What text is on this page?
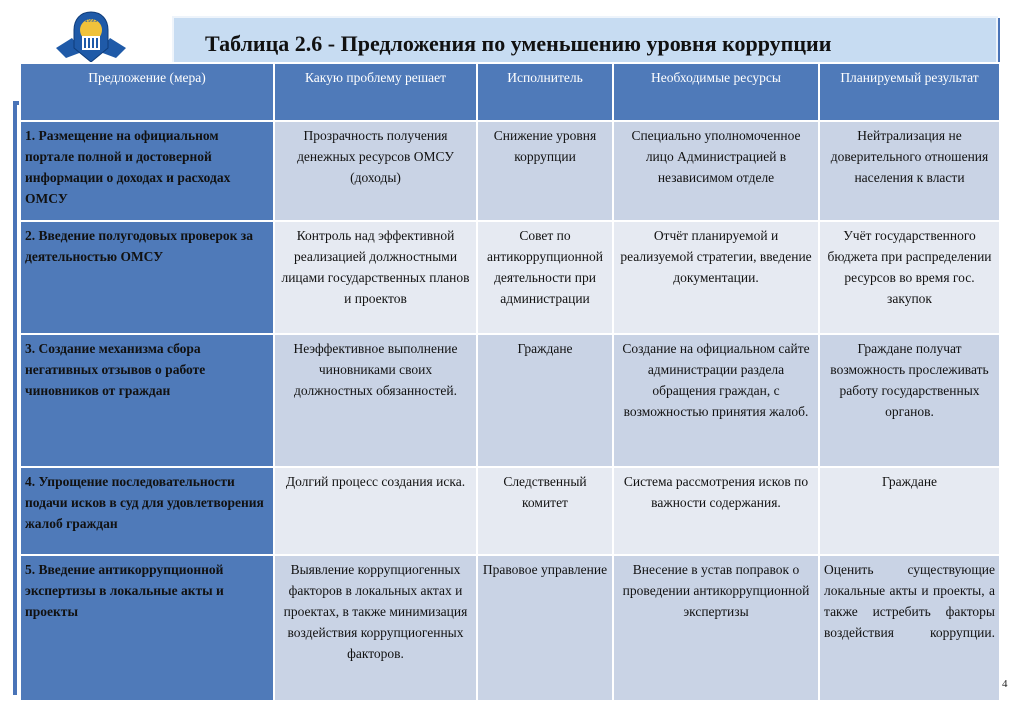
1993
Таблица 2.6 - Предложения по уменьшению уровня коррупции
Предложение (мера)	Какую проблему решает	Исполнитель	Необходимые ресурсы	Планируемый результат
1. Размещение на официальном портале полной и достоверной информации о доходах и расходах ОМСУ	Прозрачность получения денежных ресурсов ОМСУ (доходы)	Снижение уровня коррупции	Специально уполномоченное лицо Администрацией в независимом отделе	Нейтрализация не доверительного отношения населения к власти
2. Введение полугодовых проверок за деятельностью ОМСУ	Контроль над эффективной реализацией должностными лицами государственных планов и проектов	Совет по антикоррупционной деятельности при администрации	Отчёт планируемой и реализуемой стратегии, введение документации.	Учёт государственного бюджета при распределении ресурсов во время гос. закупок
3. Создание механизма сбора негативных отзывов о работе чиновников от граждан	Неэффективное выполнение чиновниками своих должностных обязанностей.	Граждане	Создание на официальном сайте администрации раздела обращения граждан, с возможностью принятия жалоб.	Граждане получат возможность прослеживать работу государственных органов.
4. Упрощение последовательности подачи исков в суд для удовлетворения жалоб граждан	Долгий процесс создания иска.	Следственный комитет	Система рассмотрения исков по важности содержания.	Граждане
5. Введение антикоррупционной экспертизы в локальные акты и проекты	Выявление коррупциогенных факторов в локальных актах и проектах, в также минимизация воздействия коррупциогенных факторов.	Правовое управление	Внесение в устав поправок о проведении антикоррупционной экспертизы	Оценить существующие локальные акты и проекты, а также истребить факторы воздействия коррупции.
4
